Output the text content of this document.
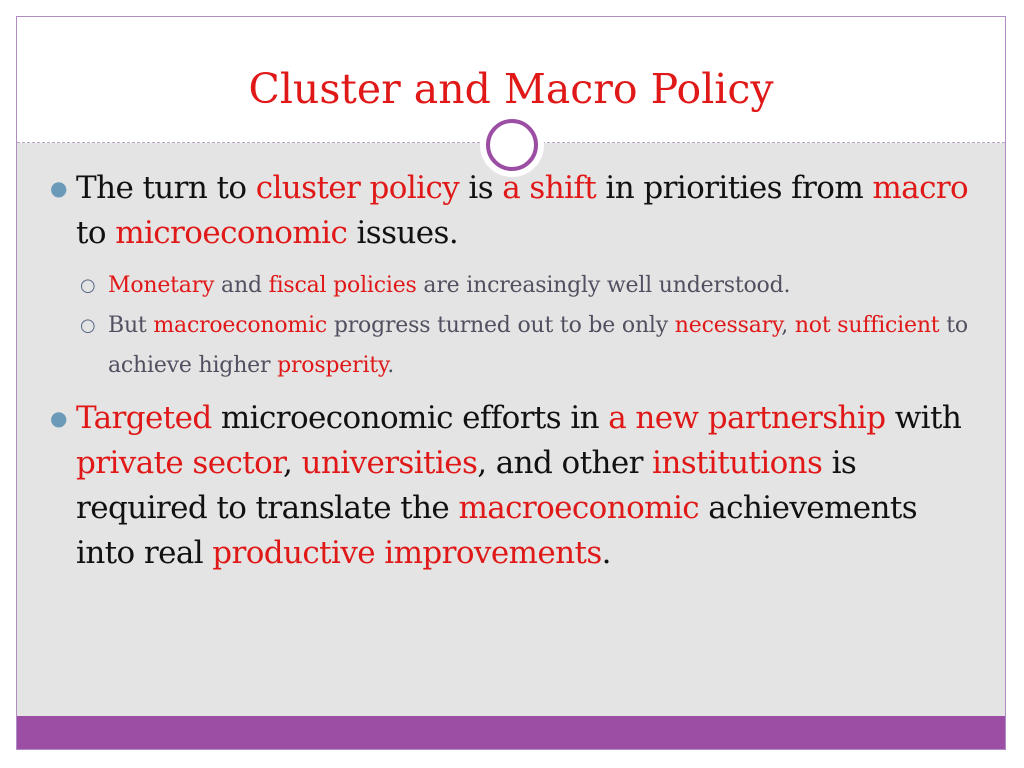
Cluster and Macro Policy
● The turn to cluster policy is a shift in priorities from macro to microeconomic issues.
○ Monetary and fiscal policies are increasingly well understood.
○ But macroeconomic progress turned out to be only necessary, not sufficient to achieve higher prosperity.
● Targeted microeconomic efforts in a new partnership with private sector, universities, and other institutions is required to translate the macroeconomic achievements into real productive improvements.
